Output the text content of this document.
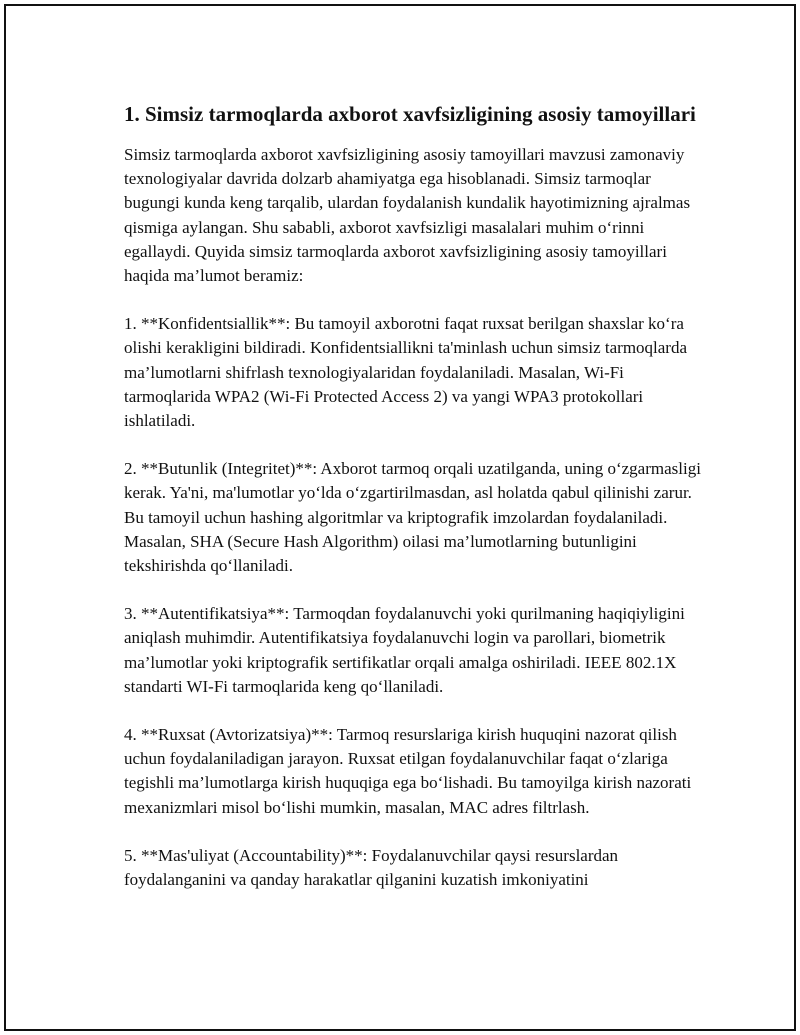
1. Simsiz tarmoqlarda axborot xavfsizligining asosiy tamoyillari

Simsiz tarmoqlarda axborot xavfsizligining asosiy tamoyillari mavzusi zamonaviy texnologiyalar davrida dolzarb ahamiyatga ega hisoblanadi. Simsiz tarmoqlar bugungi kunda keng tarqalib, ulardan foydalanish kundalik hayotimizning ajralmas qismiga aylangan. Shu sababli, axborot xavfsizligi masalalari muhim o‘rinni egallaydi. Quyida simsiz tarmoqlarda axborot xavfsizligining asosiy tamoyillari haqida ma’lumot beramiz:

1. **Konfidentsiallik**: Bu tamoyil axborotni faqat ruxsat berilgan shaxslar ko‘ra olishi kerakligini bildiradi. Konfidentsiallikni ta'minlash uchun simsiz tarmoqlarda ma’lumotlarni shifrlash texnologiyalaridan foydalaniladi. Masalan, Wi-Fi tarmoqlarida WPA2 (Wi-Fi Protected Access 2) va yangi WPA3 protokollari ishlatiladi.

2. **Butunlik (Integritet)**: Axborot tarmoq orqali uzatilganda, uning o‘zgarmasligi kerak. Ya'ni, ma'lumotlar yo‘lda o‘zgartirilmasdan, asl holatda qabul qilinishi zarur. Bu tamoyil uchun hashing algoritmlar va kriptografik imzolardan foydalaniladi. Masalan, SHA (Secure Hash Algorithm) oilasi ma’lumotlarning butunligini tekshirishda qo‘llaniladi.

3. **Autentifikatsiya**: Tarmoqdan foydalanuvchi yoki qurilmaning haqiqiyligini aniqlash muhimdir. Autentifikatsiya foydalanuvchi login va parollari, biometrik ma’lumotlar yoki kriptografik sertifikatlar orqali amalga oshiriladi. IEEE 802.1X standarti WI-Fi tarmoqlarida keng qo‘llaniladi.

4. **Ruxsat (Avtorizatsiya)**: Tarmoq resurslariga kirish huquqini nazorat qilish uchun foydalaniladigan jarayon. Ruxsat etilgan foydalanuvchilar faqat o‘zlariga tegishli ma’lumotlarga kirish huquqiga ega bo‘lishadi. Bu tamoyilga kirish nazorati mexanizmlari misol bo‘lishi mumkin, masalan, MAC adres filtrlash.

5. **Mas'uliyat (Accountability)**: Foydalanuvchilar qaysi resurslardan foydalanganini va qanday harakatlar qilganini kuzatish imkoniyatini
